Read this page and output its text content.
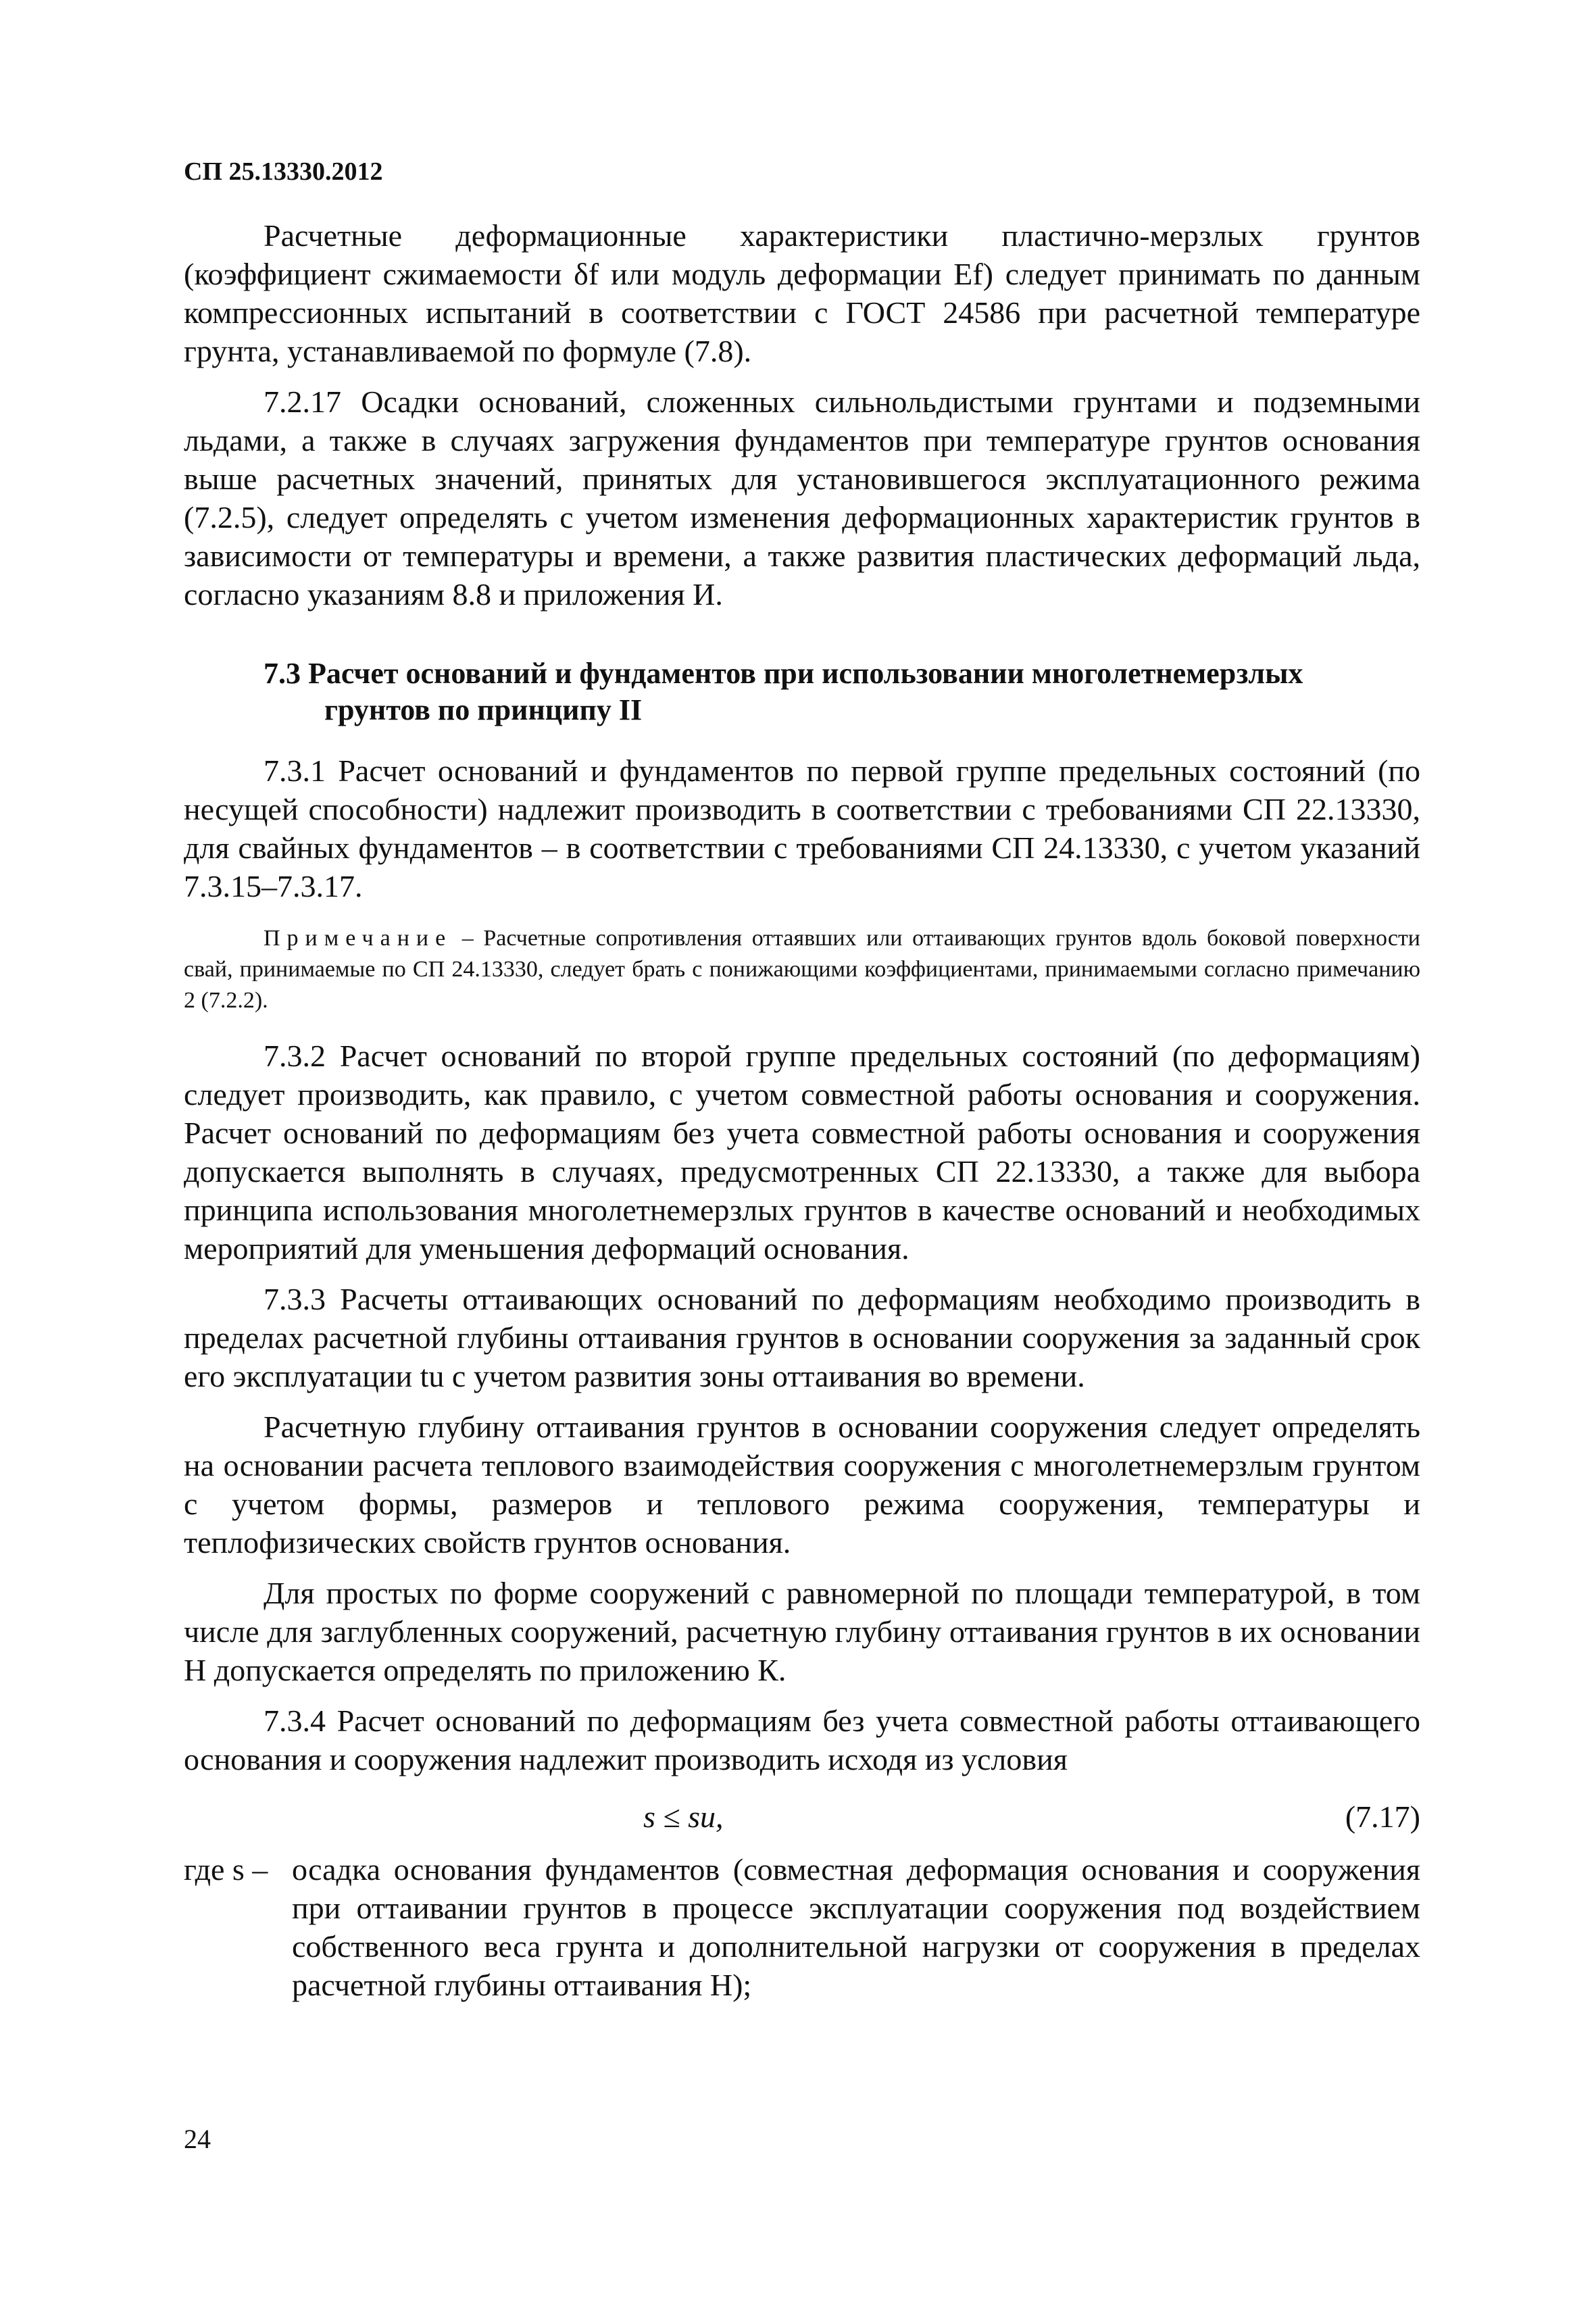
СП 25.13330.2012

Расчетные деформационные характеристики пластично-мерзлых грунтов (коэффициент сжимаемости δf или модуль деформации Ef) следует принимать по данным компрессионных испытаний в соответствии с ГОСТ 24586 при расчетной температуре грунта, устанавливаемой по формуле (7.8).

7.2.17 Осадки оснований, сложенных сильнольдистыми грунтами и подземными льдами, а также в случаях загружения фундаментов при температуре грунтов основания выше расчетных значений, принятых для установившегося эксплуатационного режима (7.2.5), следует определять с учетом изменения деформационных характеристик грунтов в зависимости от температуры и времени, а также развития пластических деформаций льда, согласно указаниям 8.8 и приложения И.

7.3 Расчет оснований и фундаментов при использовании многолетнемерзлых
грунтов по принципу II

7.3.1 Расчет оснований и фундаментов по первой группе предельных состояний (по несущей способности) надлежит производить в соответствии с требованиями СП 22.13330, для свайных фундаментов – в соответствии с требованиями СП 24.13330, с учетом указаний 7.3.15–7.3.17.

Примечание – Расчетные сопротивления оттаявших или оттаивающих грунтов вдоль боковой поверхности свай, принимаемые по СП 24.13330, следует брать с понижающими коэффициентами, принимаемыми согласно примечанию 2 (7.2.2).

7.3.2 Расчет оснований по второй группе предельных состояний (по деформациям) следует производить, как правило, с учетом совместной работы основания и сооружения. Расчет оснований по деформациям без учета совместной работы основания и сооружения допускается выполнять в случаях, предусмотренных СП 22.13330, а также для выбора принципа использования многолетнемерзлых грунтов в качестве оснований и необходимых мероприятий для уменьшения деформаций основания.

7.3.3 Расчеты оттаивающих оснований по деформациям необходимо производить в пределах расчетной глубины оттаивания грунтов в основании сооружения за заданный срок его эксплуатации tu с учетом развития зоны оттаивания во времени.

Расчетную глубину оттаивания грунтов в основании сооружения следует определять на основании расчета теплового взаимодействия сооружения с многолетнемерзлым грунтом с учетом формы, размеров и теплового режима сооружения, температуры и теплофизических свойств грунтов основания.

Для простых по форме сооружений с равномерной по площади температурой, в том числе для заглубленных сооружений, расчетную глубину оттаивания грунтов в их основании H допускается определять по приложению К.

7.3.4 Расчет оснований по деформациям без учета совместной работы оттаивающего основания и сооружения надлежит производить исходя из условия

s ≤ su,	(7.17)

где s – осадка основания фундаментов (совместная деформация основания и сооружения при оттаивании грунтов в процессе эксплуатации сооружения под воздействием собственного веса грунта и дополнительной нагрузки от сооружения в пределах расчетной глубины оттаивания H);

24
